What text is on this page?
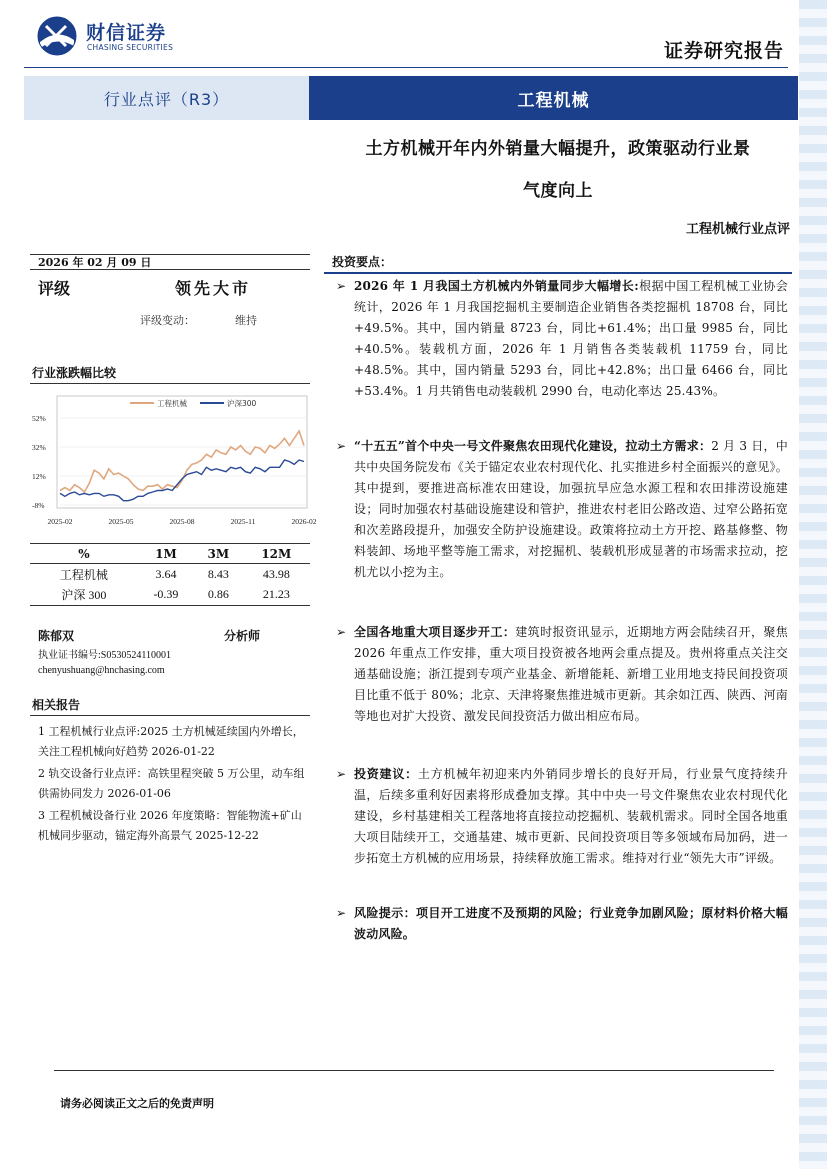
财信证券
CHASING SECURITIES	证券研究报告
行业点评（R3）	工程机械
土方机械开年内外销量大幅提升，政策驱动行业景
气度向上
工程机械行业点评
2026 年 02 月 09 日
评级	领先大市
评级变动：	维持
行业涨跌幅比较
工程机械	沪深300
52%
32%
12%
-8%
2025-02	2025-05	2025-08	2025-11	2026-02
%	1M	3M	12M
工程机械	3.64	8.43	43.98
沪深 300	-0.39	0.86	21.23
陈郁双	分析师
执业证书编号:S0530524110001
chenyushuang@hnchasing.com
相关报告

1 工程机械行业点评:2025 土方机械延续国内外增长，关注工程机械向好趋势 2026-01-22

2 轨交设备行业点评：高铁里程突破 5 万公里，动车组供需协同发力 2026-01-06

3 工程机械设备行业 2026 年度策略：智能物流+矿山机械同步驱动，锚定海外高景气 2025-12-22

投资要点：
➢ 2026 年 1 月我国土方机械内外销量同步大幅增长:根据中国工程机械工业协会统计，2026 年 1 月我国挖掘机主要制造企业销售各类挖掘机 18708 台，同比+49.5%。其中，国内销量 8723 台，同比+61.4%；出口量 9985 台，同比+40.5%。装载机方面，2026 年 1 月销售各类装载机 11759 台，同比+48.5%。其中，国内销量 5293 台，同比+42.8%；出口量 6466 台，同比+53.4%。1 月共销售电动装载机 2990 台，电动化率达 25.43%。
➢ “十五五”首个中央一号文件聚焦农田现代化建设，拉动土方需求：2 月 3 日，中共中央国务院发布《关于锚定农业农村现代化、扎实推进乡村全面振兴的意见》。其中提到，要推进高标准农田建设，加强抗旱应急水源工程和农田排涝设施建设；同时加强农村基础设施建设和管护，推进农村老旧公路改造、过窄公路拓宽和次差路段提升，加强安全防护设施建设。政策将拉动土方开挖、路基修整、物料装卸、场地平整等施工需求，对挖掘机、装载机形成显著的市场需求拉动，挖机尤以小挖为主。
➢ 全国各地重大项目逐步开工：建筑时报资讯显示，近期地方两会陆续召开，聚焦 2026 年重点工作安排，重大项目投资被各地两会重点提及。贵州将重点关注交通基础设施；浙江提到专项产业基金、新增能耗、新增工业用地支持民间投资项目比重不低于 80%；北京、天津将聚焦推进城市更新。其余如江西、陕西、河南等地也对扩大投资、激发民间投资活力做出相应布局。
➢ 投资建议：土方机械年初迎来内外销同步增长的良好开局，行业景气度持续升温，后续多重利好因素将形成叠加支撑。其中中央一号文件聚焦农业农村现代化建设，乡村基建相关工程落地将直接拉动挖掘机、装载机需求。同时全国各地重大项目陆续开工，交通基建、城市更新、民间投资项目等多领域布局加码，进一步拓宽土方机械的应用场景，持续释放施工需求。维持对行业“领先大市”评级。
➢ 风险提示：项目开工进度不及预期的风险；行业竞争加剧风险；原材料价格大幅波动风险。
请务必阅读正文之后的免责声明
